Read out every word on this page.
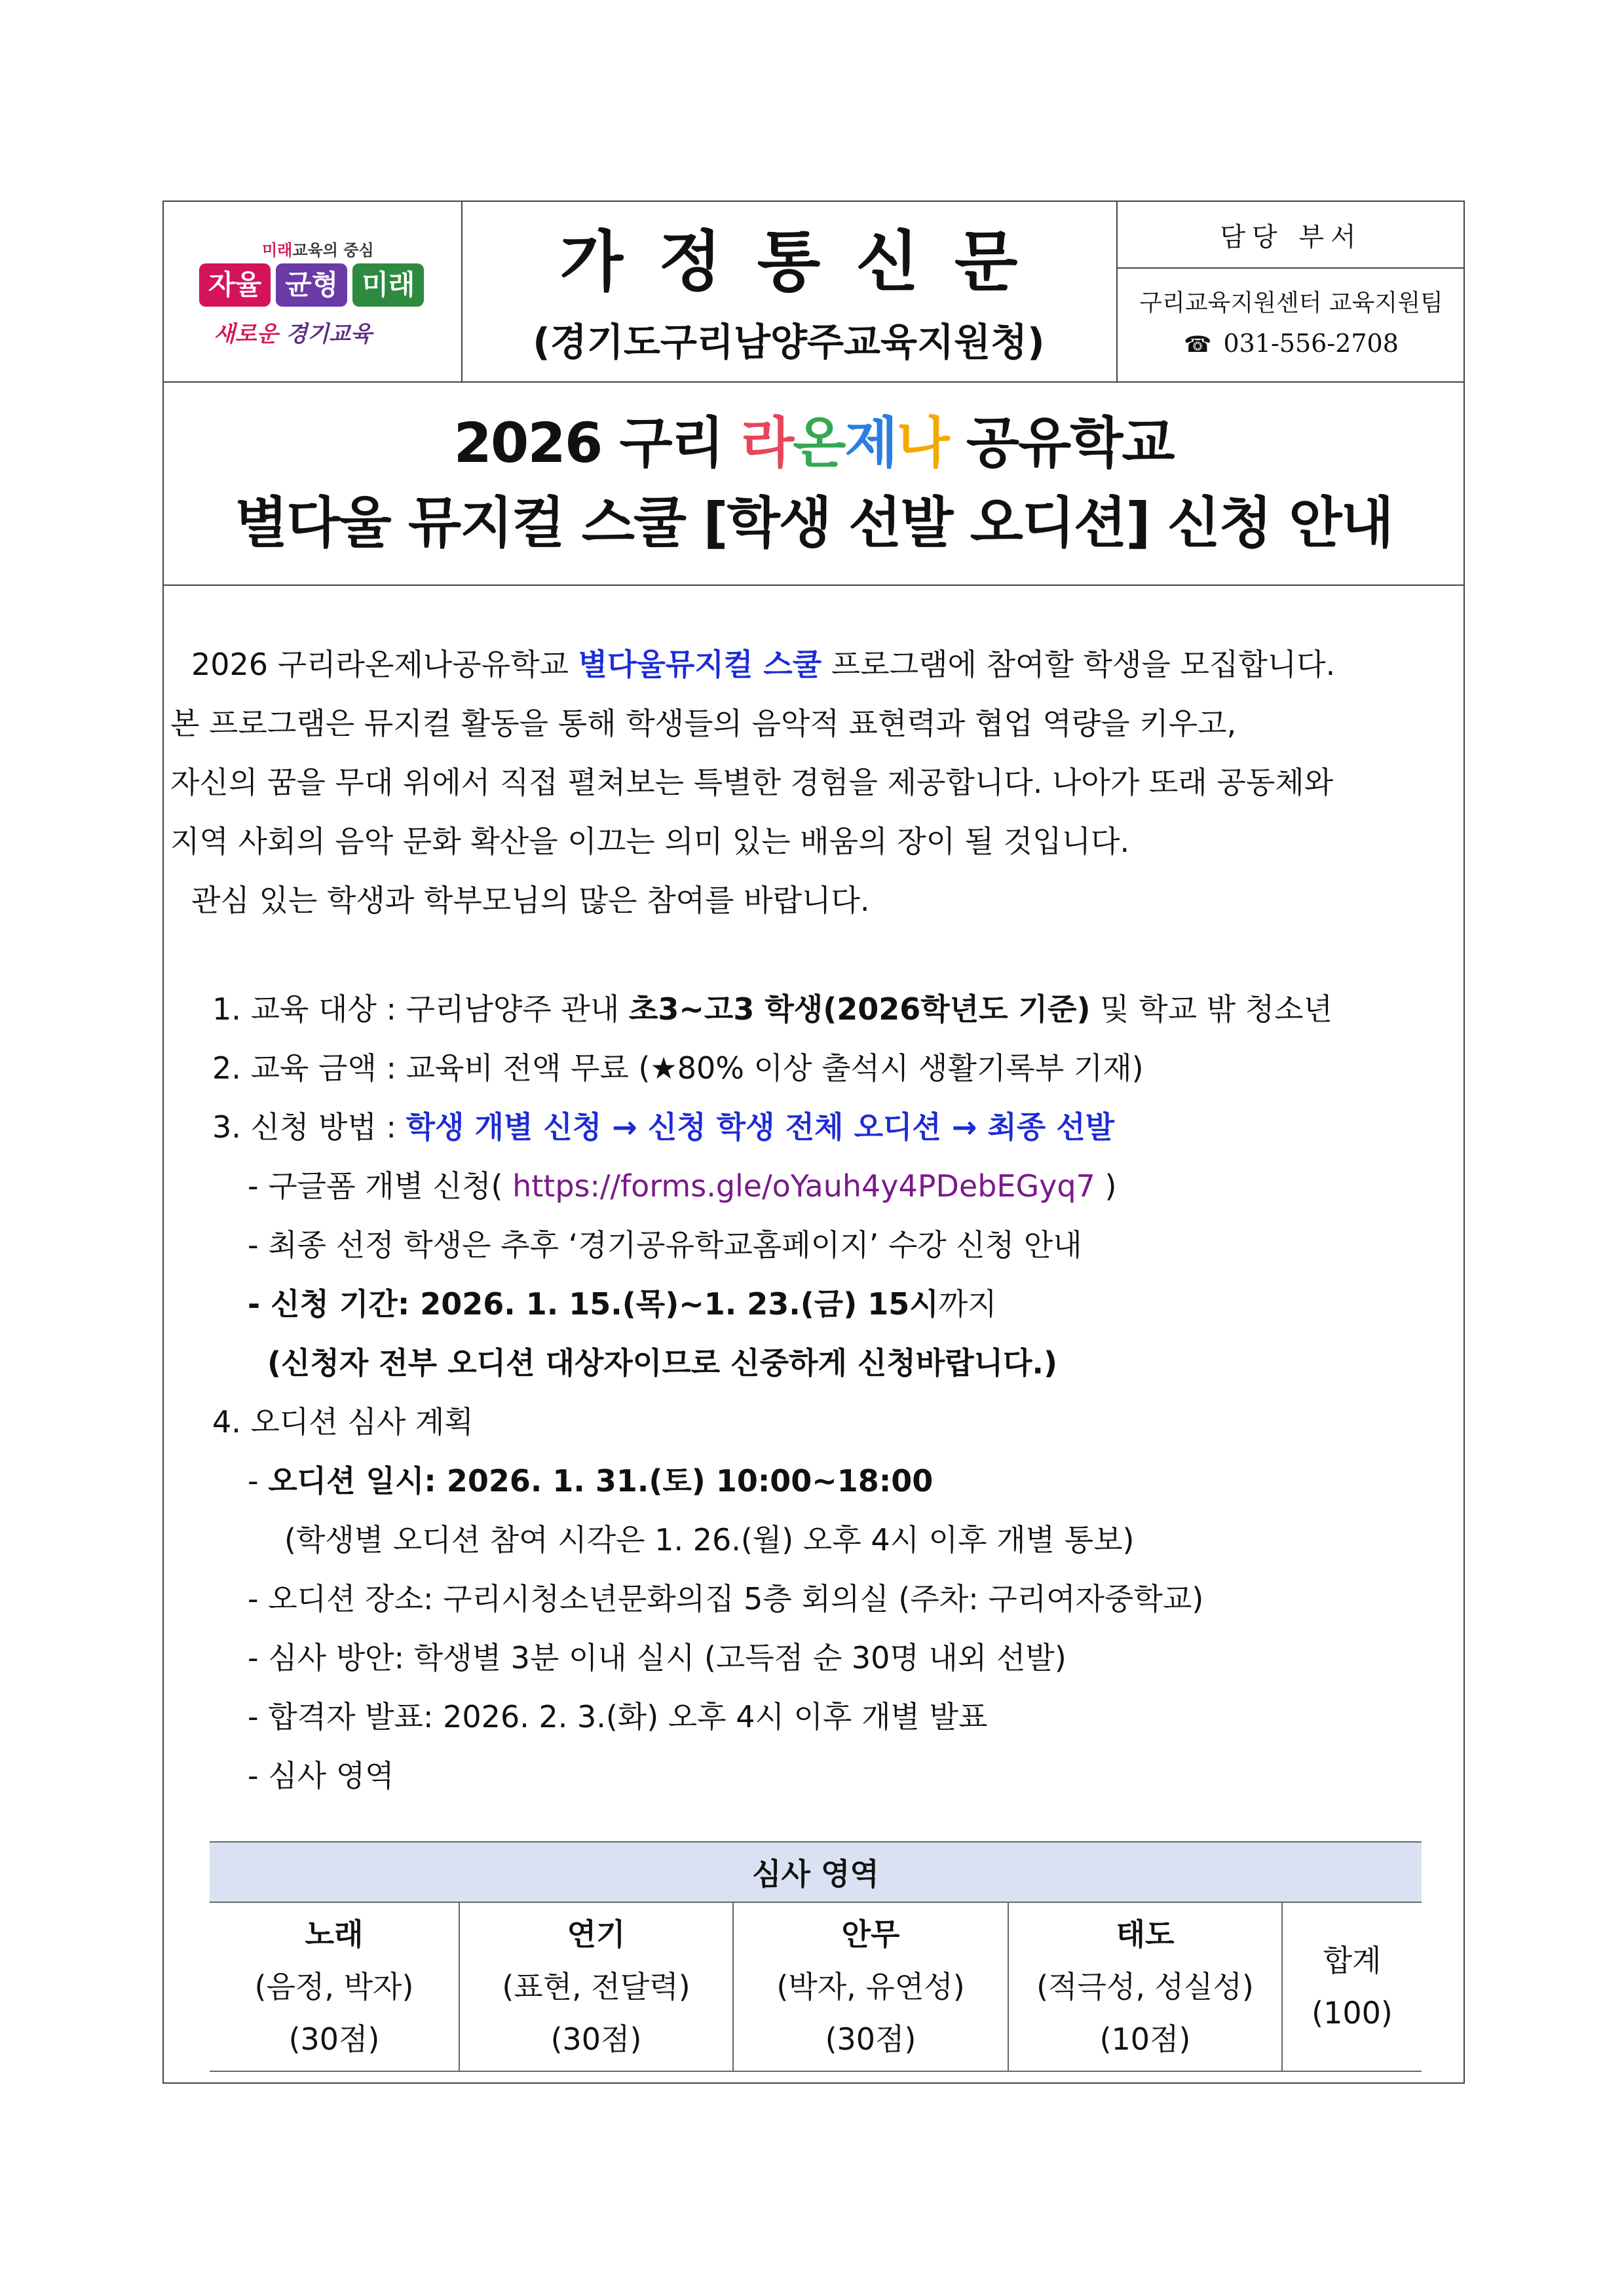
미래교육의 중심
자율 균형 미래
새로운 경기교육
가정통신문
(경기도구리남양주교육지원청)
담당 부서
구리교육지원센터 교육지원팀
☎ 031-556-2708
2026 구리 라온제나 공유학교
별다울 뮤지컬 스쿨 [학생 선발 오디션] 신청 안내
2026 구리라온제나공유학교 별다울뮤지컬 스쿨 프로그램에 참여할 학생을 모집합니다.
본 프로그램은 뮤지컬 활동을 통해 학생들의 음악적 표현력과 협업 역량을 키우고,
자신의 꿈을 무대 위에서 직접 펼쳐보는 특별한 경험을 제공합니다. 나아가 또래 공동체와
지역 사회의 음악 문화 확산을 이끄는 의미 있는 배움의 장이 될 것입니다.
관심 있는 학생과 학부모님의 많은 참여를 바랍니다.
1. 교육 대상 : 구리남양주 관내 초3~고3 학생(2026학년도 기준) 및 학교 밖 청소년
2. 교육 금액 : 교육비 전액 무료 (★80% 이상 출석시 생활기록부 기재)
3. 신청 방법 : 학생 개별 신청 → 신청 학생 전체 오디션 → 최종 선발
- 구글폼 개별 신청( https://forms.gle/oYauh4y4PDebEGyq7 )
- 최종 선정 학생은 추후 ‘경기공유학교홈페이지’ 수강 신청 안내
- 신청 기간: 2026. 1. 15.(목)~1. 23.(금) 15시까지
(신청자 전부 오디션 대상자이므로 신중하게 신청바랍니다.)
4. 오디션 심사 계획
- 오디션 일시: 2026. 1. 31.(토) 10:00~18:00
(학생별 오디션 참여 시각은 1. 26.(월) 오후 4시 이후 개별 통보)
- 오디션 장소: 구리시청소년문화의집 5층 회의실 (주차: 구리여자중학교)
- 심사 방안: 학생별 3분 이내 실시 (고득점 순 30명 내외 선발)
- 합격자 발표: 2026. 2. 3.(화) 오후 4시 이후 개별 발표
- 심사 영역
심사 영역

노래
(음정, 박자)
(30점)

연기
(표현, 전달력)
(30점)

안무
(박자, 유연성)
(30점)

태도
(적극성, 성실성)
(10점)

합계
(100)
